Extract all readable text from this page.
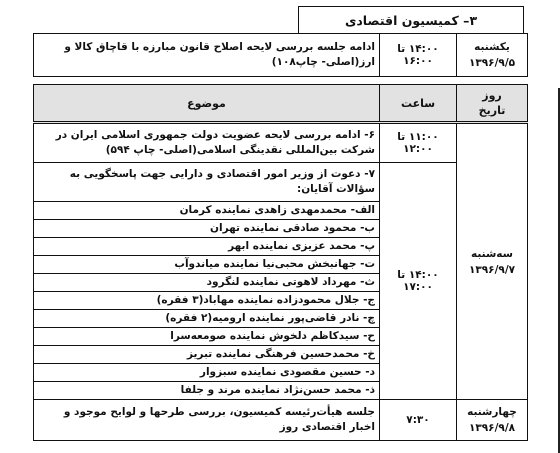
۳– کمیسیون اقتصادی
یکشنبه
۱۳۹۶/۹/۵	۱۴:۰۰ تا ۱۶:۰۰	ادامه جلسه بررسی لایحه اصلاح قانون مبارزه با قاچاق کالا و ارز(اصلی- چاپ۱۰۸)

روز
تاریخ	ساعت	موضوع

سه‌شنبه
۱۳۹۶/۹/۷	۱۱:۰۰ تا ۱۲:۰۰	۶- ادامه بررسی لایحه عضویت دولت جمهوری اسلامی ایران در شرکت بین‌المللی نقدینگی اسلامی(اصلی- چاپ ۵۹۴)
	۱۴:۰۰ تا ۱۷:۰۰	۷- دعوت از وزیر امور اقتصادی و دارایی جهت پاسخگویی به سؤالات آقایان:
		الف- محمدمهدی زاهدی نماینده کرمان
		ب- محمود صادقی نماینده تهران
		پ- محمد عزیزی نماینده ابهر
		ت- جهانبخش محبی‌نیا نماینده میاندوآب
		ث- مهرداد لاهوتی نماینده لنگرود
		ج- جلال محمودزاده نماینده مهاباد(۳ فقره)
		چ- نادر قاضی‌پور نماینده ارومیه(۲ فقره)
		ح- سیدکاظم دلخوش نماینده صومعه‌سرا
		خ- محمدحسین فرهنگی نماینده تبریز
		د- حسین مقصودی نماینده سبزوار
		ذ- محمد حسن‌نژاد نماینده مرند و جلفا

چهارشنبه
۱۳۹۶/۹/۸	۷:۳۰	جلسه هیأت‌رئیسه کمیسیون، بررسی طرحها و لوایح موجود و اخبار اقتصادی روز
